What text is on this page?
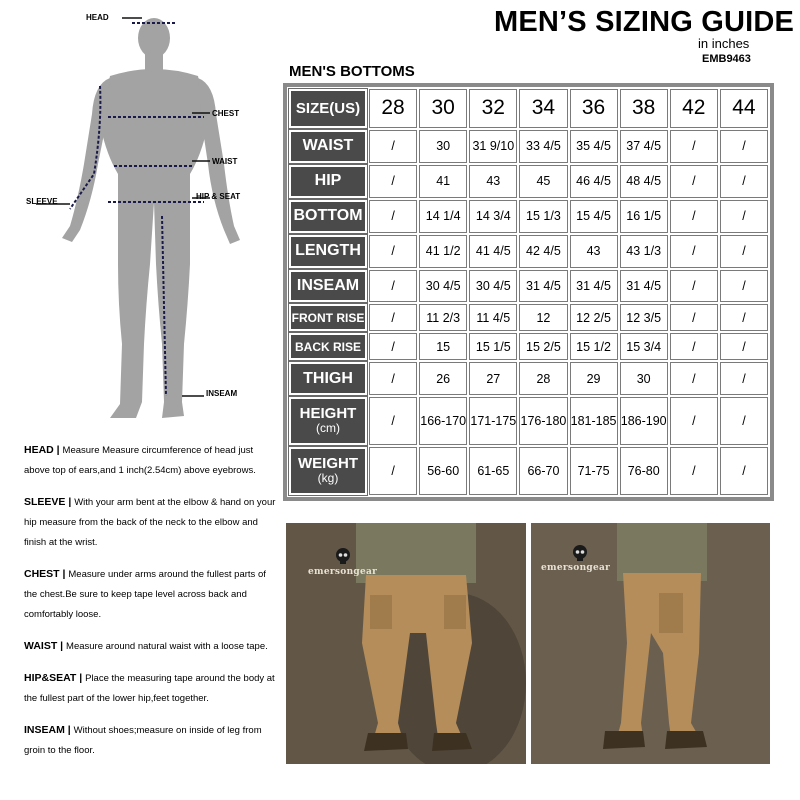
MEN’S SIZING GUIDE
in inches
EMB9463
MEN'S BOTTOMS
HEAD
CHEST
WAIST
HIP & SEAT
SLEEVE
INSEAM
SIZE(US)	28	30	32	34	36	38	42	44
WAIST	/	30	31 9/10	33 4/5	35 4/5	37 4/5	/	/
HIP	/	41	43	45	46 4/5	48 4/5	/	/
BOTTOM	/	14 1/4	14 3/4	15 1/3	15 4/5	16 1/5	/	/
LENGTH	/	41 1/2	41 4/5	42 4/5	43	43 1/3	/	/
INSEAM	/	30 4/5	30 4/5	31 4/5	31 4/5	31 4/5	/	/
FRONT RISE	/	11 2/3	11 4/5	12	12 2/5	12 3/5	/	/
BACK RISE	/	15	15 1/5	15 2/5	15 1/2	15 3/4	/	/
THIGH	/	26	27	28	29	30	/	/
HEIGHT
(cm)	/	166-170	171-175	176-180	181-185	186-190	/	/
WEIGHT
(kg)	/	56-60	61-65	66-70	71-75	76-80	/	/
HEAD | Measure Measure circumference of head just above top of ears,and 1 inch(2.54cm) above eyebrows.
SLEEVE | With your arm bent at the elbow & hand on your hip measure from the back of the neck to the elbow and finish at the wrist.
CHEST | Measure under arms around the fullest parts of the chest.Be sure to keep tape level across back and comfortably loose.
WAIST | Measure around natural waist with a loose tape.
HIP&SEAT | Place the measuring tape around the body at the fullest part of the lower hip,feet together.
INSEAM | Without shoes;measure on inside of leg from groin to the floor.
emersongear	emersongear
